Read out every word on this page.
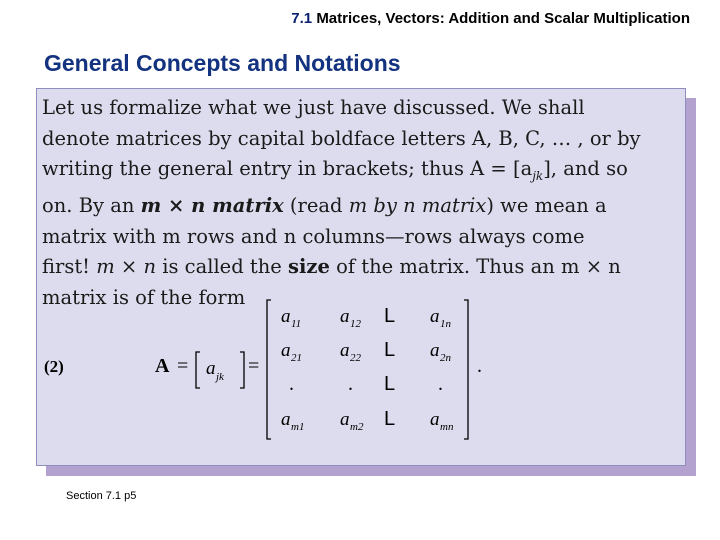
7.1 Matrices, Vectors: Addition and Scalar Multiplication
General Concepts and Notations
Let us formalize what we just have discussed. We shall
denote matrices by capital boldface letters A, B, C, … , or by
writing the general entry in brackets; thus $A = [a_{jk}]$, and so
on. By an m × n matrix (read m by n matrix) we mean a
matrix with m rows and n columns—rows always come
first! m × n is called the size of the matrix. Thus an m × n
matrix is of the form
(2)	A = a jk =	.
a 11 a 12 L a 1n
a 21 a 22 L a 2n
.	. L .
a m1 a m2 L a mn
Section 7.1 p5
